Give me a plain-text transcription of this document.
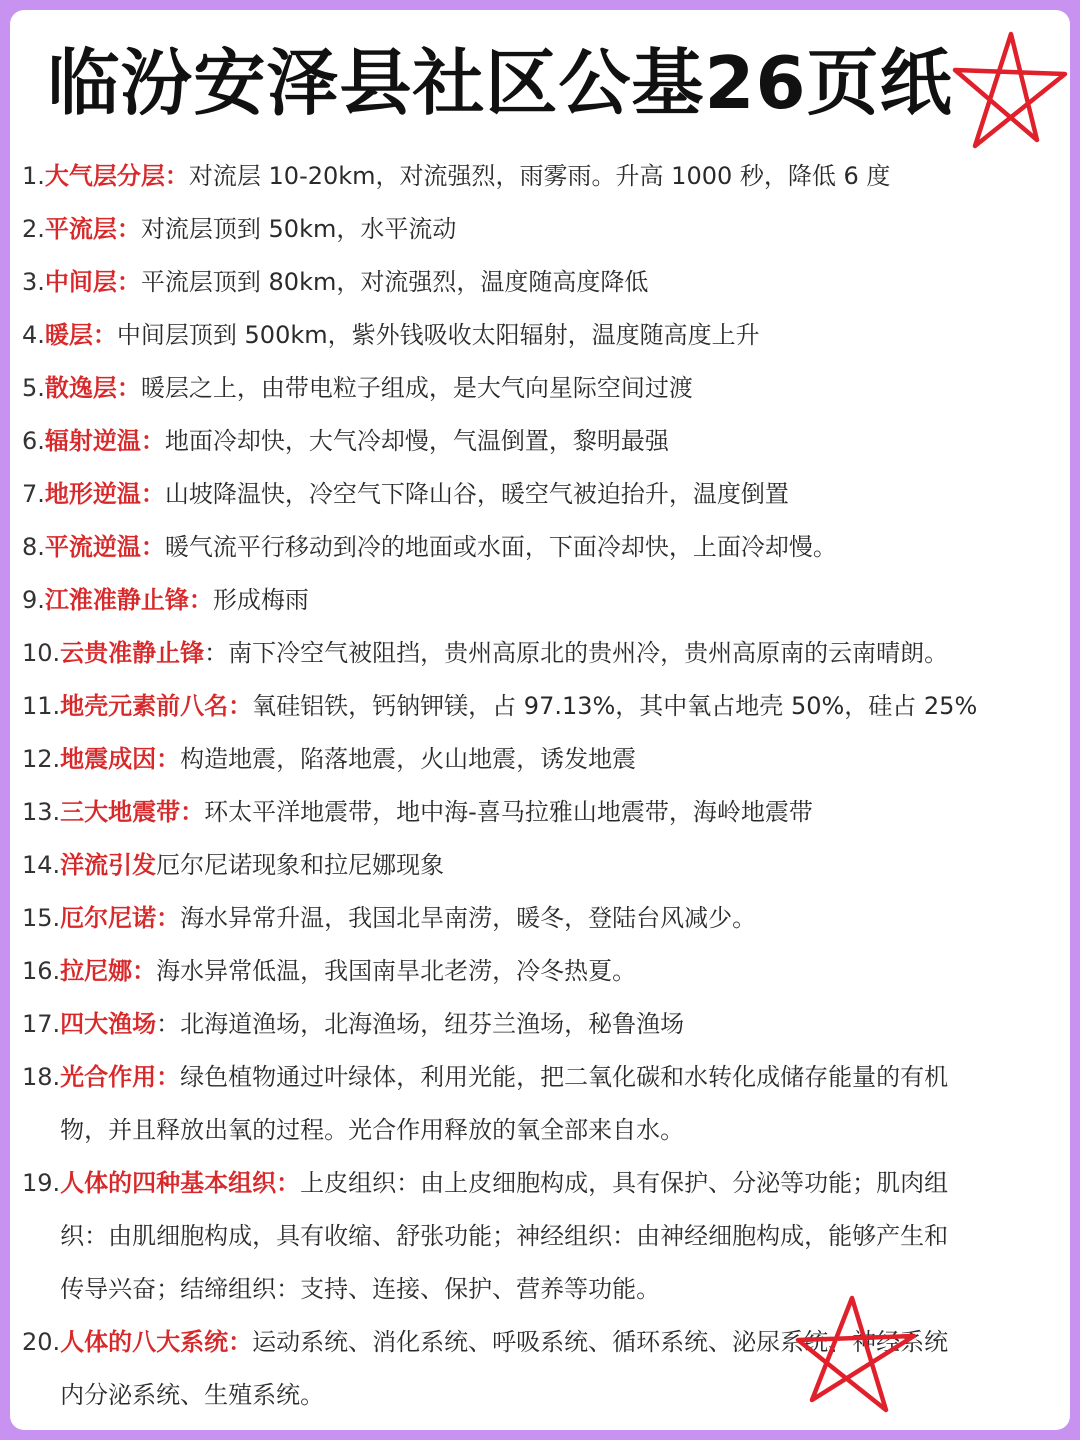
临汾安泽县社区公基26页纸
1. 大气层分层：对流层 10-20km，对流强烈，雨雾雨。升高 1000 秒，降低 6 度
2. 平流层：对流层顶到 50km，水平流动
3. 中间层：平流层顶到 80km，对流强烈，温度随高度降低
4. 暖层：中间层顶到 500km，紫外钱吸收太阳辐射，温度随高度上升
5. 散逸层：暖层之上，由带电粒子组成，是大气向星际空间过渡
6. 辐射逆温：地面冷却快，大气冷却慢，气温倒置，黎明最强
7. 地形逆温：山坡降温快，冷空气下降山谷，暖空气被迫抬升，温度倒置
8. 平流逆温：暖气流平行移动到冷的地面或水面，下面冷却快，上面冷却慢。
9. 江淮准静止锋：形成梅雨
10. 云贵准静止锋：南下冷空气被阻挡，贵州高原北的贵州冷，贵州高原南的云南晴朗。
11. 地壳元素前八名：氧硅铝铁，钙钠钾镁，占 97.13%，其中氧占地壳 50%，硅占 25%
12. 地震成因：构造地震，陷落地震，火山地震，诱发地震
13. 三大地震带：环太平洋地震带，地中海-喜马拉雅山地震带，海岭地震带
14. 洋流引发厄尔尼诺现象和拉尼娜现象
15. 厄尔尼诺：海水异常升温，我国北旱南涝，暖冬，登陆台风减少。
16. 拉尼娜：海水异常低温，我国南旱北老涝，冷冬热夏。
17. 四大渔场：北海道渔场，北海渔场，纽芬兰渔场，秘鲁渔场
18. 光合作用：绿色植物通过叶绿体，利用光能，把二氧化碳和水转化成储存能量的有机
物，并且释放出氧的过程。光合作用释放的氧全部来自水。
19. 人体的四种基本组织：上皮组织：由上皮细胞构成，具有保护、分泌等功能；肌肉组
织：由肌细胞构成，具有收缩、舒张功能；神经组织：由神经细胞构成，能够产生和
传导兴奋；结缔组织：支持、连接、保护、营养等功能。
20. 人体的八大系统：运动系统、消化系统、呼吸系统、循环系统、泌尿系统、神经系统
内分泌系统、生殖系统。
